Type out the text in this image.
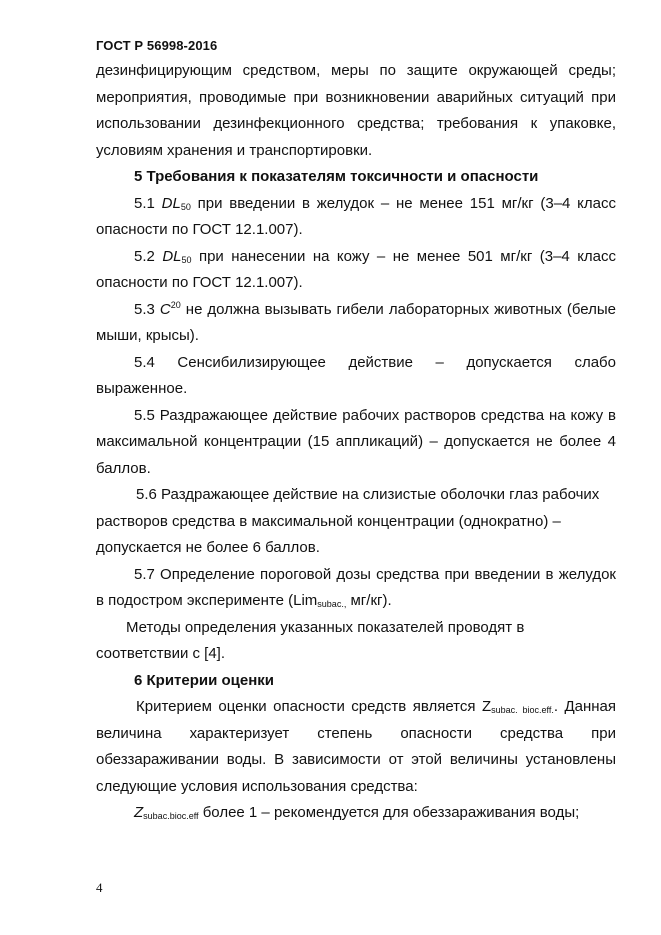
ГОСТ Р 56998-2016

дезинфицирующим средством, меры по защите окружающей среды; мероприятия, проводимые при возникновении аварийных ситуаций при использовании дезинфекционного средства; требования к упаковке, условиям хранения и транспортировки.

5 Требования к показателям токсичности и опасности

5.1 $DL_{50}$ при введении в желудок – не менее 151 мг/кг (3–4 класс опасности по ГОСТ 12.1.007).

5.2 $DL_{50}$ при нанесении на кожу – не менее 501 мг/кг (3–4 класс опасности по ГОСТ 12.1.007).

5.3 $C^{20}$ не должна вызывать гибели лабораторных животных (белые мыши, крысы).

5.4 Сенсибилизирующее действие – допускается слабо выраженное.

5.5 Раздражающее действие рабочих растворов средства на кожу в максимальной концентрации (15 аппликаций) – допускается не более 4 баллов.

5.6 Раздражающее действие на слизистые оболочки глаз рабочих растворов средства в максимальной концентрации (однократно) – допускается не более 6 баллов.

5.7 Определение пороговой дозы средства при введении в желудок в подостром эксперименте (Lim$_{subac.,}$ мг/кг).

Методы определения указанных показателей проводят в соответствии с [4].

6 Критерии оценки

Критерием оценки опасности средств является $Z_{subac. bioc.eff.}$. Данная величина характеризует степень опасности средства при обеззараживании воды. В зависимости от этой величины установлены следующие условия использования средства:

$Z_{subac.bioc.eff}$ более 1 – рекомендуется для обеззараживания воды;

4
